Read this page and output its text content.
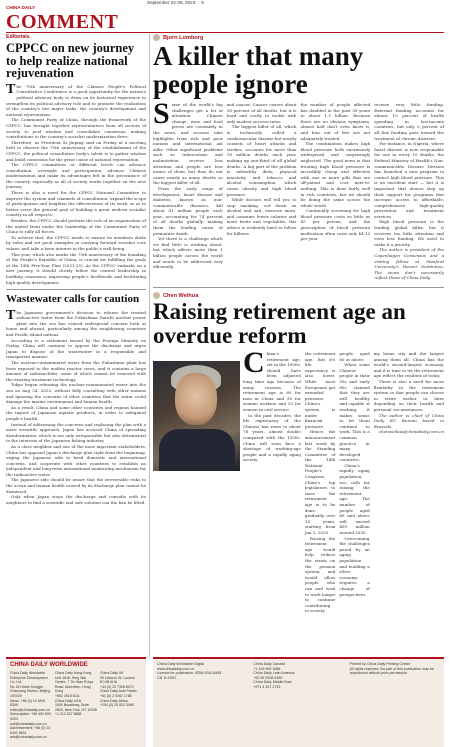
CHINA DAILY
September 22-28, 2023 9
COMMENT
Editorials
CPPCC on new journey to help realize national rejuvenation

The 75th anniversary of the Chinese People's Political Consultative Conference is a good opportunity for the nation's political advisory body to draw on its historical experience to strengthen its political advisory role and to promote the realization of the country's two major tasks: the country's development and national rejuvenation.

The Communist Party of China, through the framework of the CPPCC, has brought together representatives from all sectors of society to pool wisdom and consolidate consensus, making contributions to the country's socialist modernization drive.

Therefore, as President Xi Jinping said on Friday at a meeting held to observe the 75th anniversary of the establishment of the CPPCC, the political consultative body's talent is to gather wisdom and build consensus for the great cause of national rejuvenation.

The CPPCC committees at different levels can advance consultation, oversight and participation, advance Chinese modernization and make its advantages felt in the governance of the country, especially as all of society works together on the new journey.

There is also a need for the CPPCC National Committee to improve the system and channels of consultation, expand the scope of participation and heighten the effectiveness of its work, so as to better serve the general goal of building a great modern socialist country in all respects.

Besides, the CPPCC should perform the role of an organization of the united front under the leadership of the Communist Party of China to rally all forces.

To achieve that, the CPPCC needs to ensure its members abide by rules and set good examples in carrying forward socialist core values, and take a keen interest in the public's well-being.

This year, which also marks the 75th anniversary of the founding of the People's Republic of China, is crucial for fulfilling the goals of the 14th Five-Year Plan (2021-25). As the CPPCC embarks on a new journey, it should closely follow the central leadership in building consensus, improving people's livelihoods and facilitating high-quality development.

Wastewater calls for caution

The Japanese government's decision to release the treated radioactive water from the Fukushima Daiichi nuclear power plant into the sea has caused widespread concern both at home and abroad, particularly among the neighboring countries and Pacific island nations.

According to a statement issued by the Foreign Ministry on Friday, China will continue to oppose the discharge and urges Japan to dispose of the wastewater in a responsible and transparent manner.

The nuclear-contaminated water from the Fukushima plant has been exposed to the molten reactor cores, and it contains a large amount of radionuclides, some of which cannot be removed with the existing treatment technology.

Tokyo began releasing the nuclear-contaminated water into the sea on Aug 24, 2023, without fully consulting with other nations and ignoring the concerns of other countries that the water could damage the marine environment and human health.

As a result, China and some other countries and regions banned the import of Japanese aquatic products, in order to safeguard people's health.

Instead of addressing the concerns and replacing the plan with a more scientific approach, Japan has accused China of spreading disinformation, which is not only irresponsible but also detrimental to the interests of the Japanese fishing industry.

As a close neighbor and one of the most important stakeholders, China has opposed Japan's discharge plan right from the beginning, urging the Japanese side to heed domestic and international concerns, and cooperate with other countries to establish an independent and long-term international monitoring mechanism for the radioactive water.

The Japanese side should be aware that the irreversible risks to the ocean and human health caused by its discharge plan cannot be dismissed.

Only when Japan stops the discharge and consults with its neighbors to find a scientific and safe solution can the ban be lifted.

Bjorn Lomborg
A killer that many people ignore

Some of the world's big challenges get a lot of attention. Climate change, wars and food prices are constantly in the news, and rescues take highlights from rich and poor nations and international aid alike. Other significant problems such as tuberculosis and malnutrition receive less attention and people are less aware of them, but they do not cause nearly as many deaths as the biggest killer of all.

From the early stage of development, heart disease and diabetes, known as non-communicable diseases, kill about 41 million people each year, accounting for 74 percent of all deaths globally, making them the leading cause of premature death.

Yet there is a challenge which we find little is working about, but which affects more than 1 billion people across the world and needs to be addressed very efficiently.

and cancer. Cancer causes about 16 percent of all deaths, but it is hard and costly to tackle with only modest success rates.

The biggest killer of all, which is technically called a cardiovascular disease but mostly consists of heart attacks and strokes, accounts for more than 18 million deaths each year, making up one-third of all global deaths. A big part of the problem is unhealthy diets, physical inactivity, and tobacco and alcohol consumption, which cause obesity and high blood pressure.

While doctors will tell you to stop smoking, cut down on alcohol and salt, exercise more, and consume fewer calories and more fruits and vegetables, this advice is evidently hard to follow for billions.

the number of people affected has doubled in the past 30 years to about 1.3 billion. Because there are no obvious symptoms, almost half don't even know it, and four out of five are not adequately treated.

The combination makes high blood pressure both enormously widespread and surprisingly neglected. The good news is that treating high blood pressure is incredibly cheap and effective with one or more pills that are off-patent and cost next-to-nothing. This is done fairly well in rich countries, but we should be doing the same across the whole world.

Continually screening for high blood pressure costs as little as 45 per person, and the prescription of blood pressure medication often costs only $4-13 per year.

receive very little funding. External funding accounts for almost 10 percent of health spending in low-income countries, but only 2 percent of all this funding goes toward the treatment of chronic diseases.

For instance, in Nigeria, where heart disease is now responsible for one in every 10 deaths, the Federal Ministry of Health's Non-communicable Disease Division has launched a new program to control high blood pressure. This is an excellent start — but it is important that donors step up their support for programs that increase access to affordable, comprehensive high-quality prevention and treatment services.

High blood pressure is the leading global killer, but it receives too little attention and even less funding. We need to make it a priority.

The author is president of the Copenhagen Consensus and a visiting fellow at Stanford University's Hoover Institution. The views don't necessarily reflect those of China Daily.

Chen Weihua
Raising retirement age an overdue reform

China's retirement age, set in the 1950s, should have been adjusted long time ago because of many reasons. The retirement age is 60 for men in China and 50 for women workers and 55 for women in civil service.

In the past decades, the life expectancy of the Chinese has risen to about 78 years, almost double compared with the 1950s. China will soon face a shortage of working-age people and a rapidly aging society.

the retirement age. But it's life expectancy is also lower. While most Europeans get extended pensions, China's system is under financial pressure.

Hence, the announcement last week by the Standing Committee of the 14th National People's Congress, China's top legislature, to raise the retirement age is to be done gradually over 15 years, starting from Jan 1, 2025.

Raising the retirement age would help reduce the strain on the pension system, and would allow people who can and wish to work longer to continue contributing to society.

people aged 60 or above.

When some Chinese people in their 50s and early 60s claimed that they are still healthy and capable of working, it makes sense to let them continue to work. This is a common practice in many developed countries.

China's rapidly aging population, too, calls for raising the retirement age. The number of people aged 60 and above will exceed 400 million around 2035.

Overcoming the challenges posed by an aging population and building a silver economy requires a change of perspectives.

my home city and the largest among them all. China has the world's second-largest economy, and it is time to let the retirement age reflect the realities of today.

There is also a need for more flexibility in the retirement system so that people can choose to retire earlier or later depending on their health and personal circumstances.

The author is chief of China Daily EU Bureau based in Brussels.

chenweihua@chinadaily.com.cn

CHINA DAILY WORLDWIDE
China Daily Worldwide Enterprise Development Co. Ltd.
No 15 Huixin Dongjie, Chaoyang District, Beijing 100029
News: +86 (0) 10 6491 8366
editor@chinadaily.com.cn
Subscription: +86 400 699 0203
sub@chinadaily.com.cn
Advertisement: +86 (0) 10 6491 8631
ads@chinadaily.com.cn
China Daily Hong Kong
Unit 1818, Hing Wai Centre, 7 Tin Wan Praya Road, Aberdeen, Hong Kong
+852 2518 5111
China Daily USA
1500 Broadway, Suite 2800, New York, NY 10036
+1 212 537 8888
China Daily UK
90 Cannon St, London EC4N 6HA
+44 (0) 20 7398 8270
China Daily Asia Pacific
+61 (0) 2 9262 1788
China Daily Africa
+254 (0) 20 522 3498
China Daily Worldwide Digital
www.chinadaily.com.cn
Licence for publication: ISSN 0254-8445
CN 11-0091
China Daily Canada
+1 416 599 1888
China Daily Latin America
+52 55 5208 6180
China Daily Middle East
+971 4 397 2733
Printed by China Daily Printing Center
All rights reserved. No part of this publication may be reproduced without prior permission.
